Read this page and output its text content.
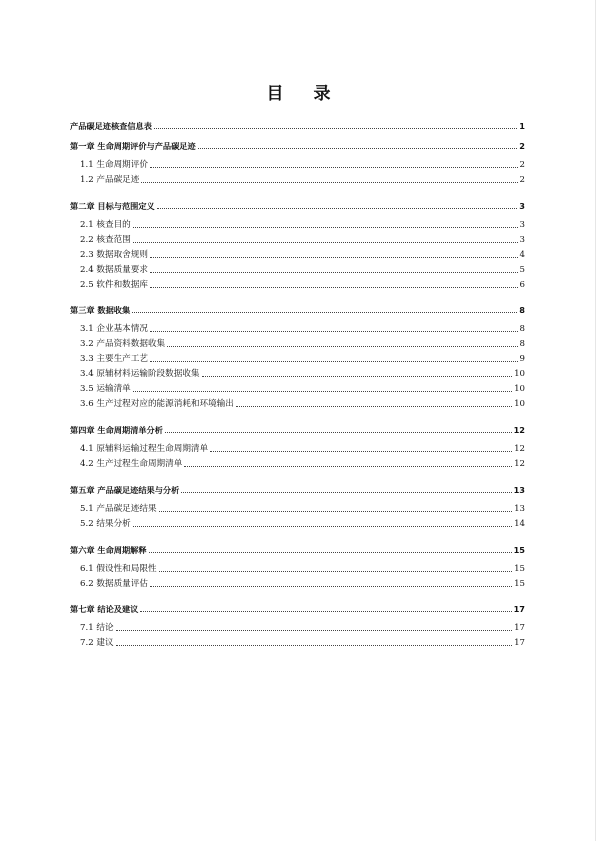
目 录
产品碳足迹核查信息表	1
第一章 生命周期评价与产品碳足迹	2
1.1 生命周期评价	2
1.2 产品碳足迹	2
第二章 目标与范围定义	3
2.1 核查目的	3
2.2 核查范围	3
2.3 数据取舍规则	4
2.4 数据质量要求	5
2.5 软件和数据库	6
第三章 数据收集	8
3.1 企业基本情况	8
3.2 产品资料数据收集	8
3.3 主要生产工艺	9
3.4 原辅材料运输阶段数据收集	10
3.5 运输清单	10
3.6 生产过程对应的能源消耗和环境输出	10
第四章 生命周期清单分析	12
4.1 原辅料运输过程生命周期清单	12
4.2 生产过程生命周期清单	12
第五章 产品碳足迹结果与分析	13
5.1 产品碳足迹结果	13
5.2 结果分析	14
第六章 生命周期解释	15
6.1 假设性和局限性	15
6.2 数据质量评估	15
第七章 结论及建议	17
7.1 结论	17
7.2 建议	17
